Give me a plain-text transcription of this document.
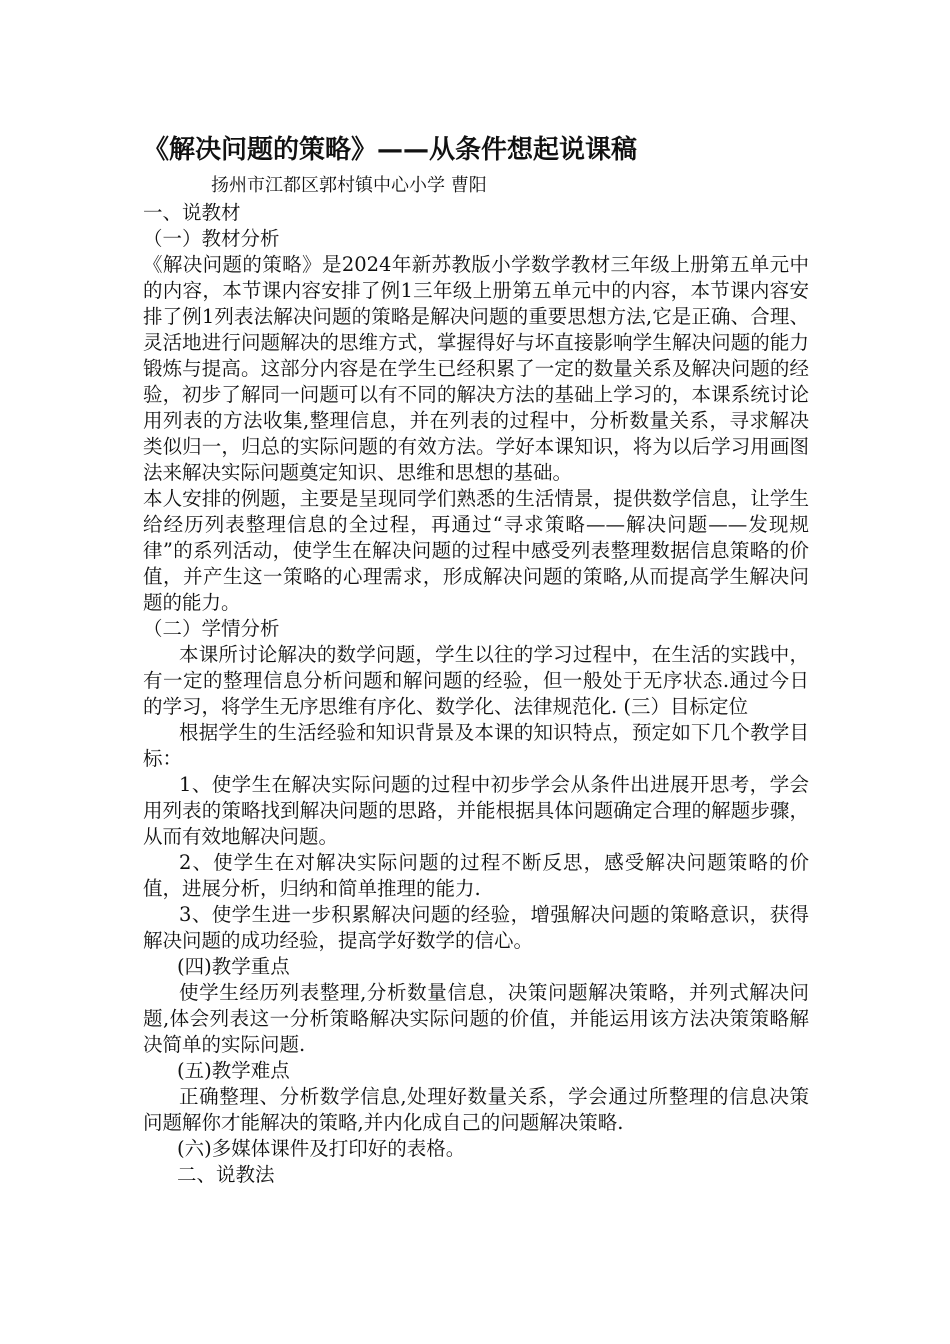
《解决问题的策略》——从条件想起说课稿

扬州市江都区郭村镇中心小学 曹阳

一、说教材

（一）教材分析

《解决问题的策略》是2024年新苏教版小学数学教材三年级上册第五单元中的内容，本节课内容安排了例1三年级上册第五单元中的内容，本节课内容安排了例1列表法解决问题的策略是解决问题的重要思想方法,它是正确、合理、灵活地进行问题解决的思维方式，掌握得好与坏直接影响学生解决问题的能力锻炼与提高。这部分内容是在学生已经积累了一定的数量关系及解决问题的经验，初步了解同一问题可以有不同的解决方法的基础上学习的，本课系统讨论用列表的方法收集,整理信息，并在列表的过程中，分析数量关系，寻求解决类似归一，归总的实际问题的有效方法。学好本课知识，将为以后学习用画图法来解决实际问题奠定知识、思维和思想的基础。

本人安排的例题，主要是呈现同学们熟悉的生活情景，提供数学信息，让学生给经历列表整理信息的全过程，再通过“寻求策略——解决问题——发现规律”的系列活动，使学生在解决问题的过程中感受列表整理数据信息策略的价值，并产生这一策略的心理需求，形成解决问题的策略,从而提高学生解决问题的能力。

（二）学情分析

本课所讨论解决的数学问题，学生以往的学习过程中，在生活的实践中，有一定的整理信息分析问题和解问题的经验，但一般处于无序状态.通过今日的学习，将学生无序思维有序化、数学化、法律规范化. (三）目标定位

根据学生的生活经验和知识背景及本课的知识特点，预定如下几个教学目标：

1、使学生在解决实际问题的过程中初步学会从条件出进展开思考，学会用列表的策略找到解决问题的思路，并能根据具体问题确定合理的解题步骤，从而有效地解决问题。

2、使学生在对解决实际问题的过程不断反思，感受解决问题策略的价值，进展分析，归纳和简单推理的能力.

3、使学生进一步积累解决问题的经验，增强解决问题的策略意识，获得解决问题的成功经验，提高学好数学的信心。

(四)教学重点

使学生经历列表整理,分析数量信息，决策问题解决策略，并列式解决问题,体会列表这一分析策略解决实际问题的价值，并能运用该方法决策策略解决简单的实际问题.

(五)教学难点

正确整理、分析数学信息,处理好数量关系，学会通过所整理的信息决策问题解你才能解决的策略,并内化成自己的问题解决策略.

(六)多媒体课件及打印好的表格。

二、说教法
